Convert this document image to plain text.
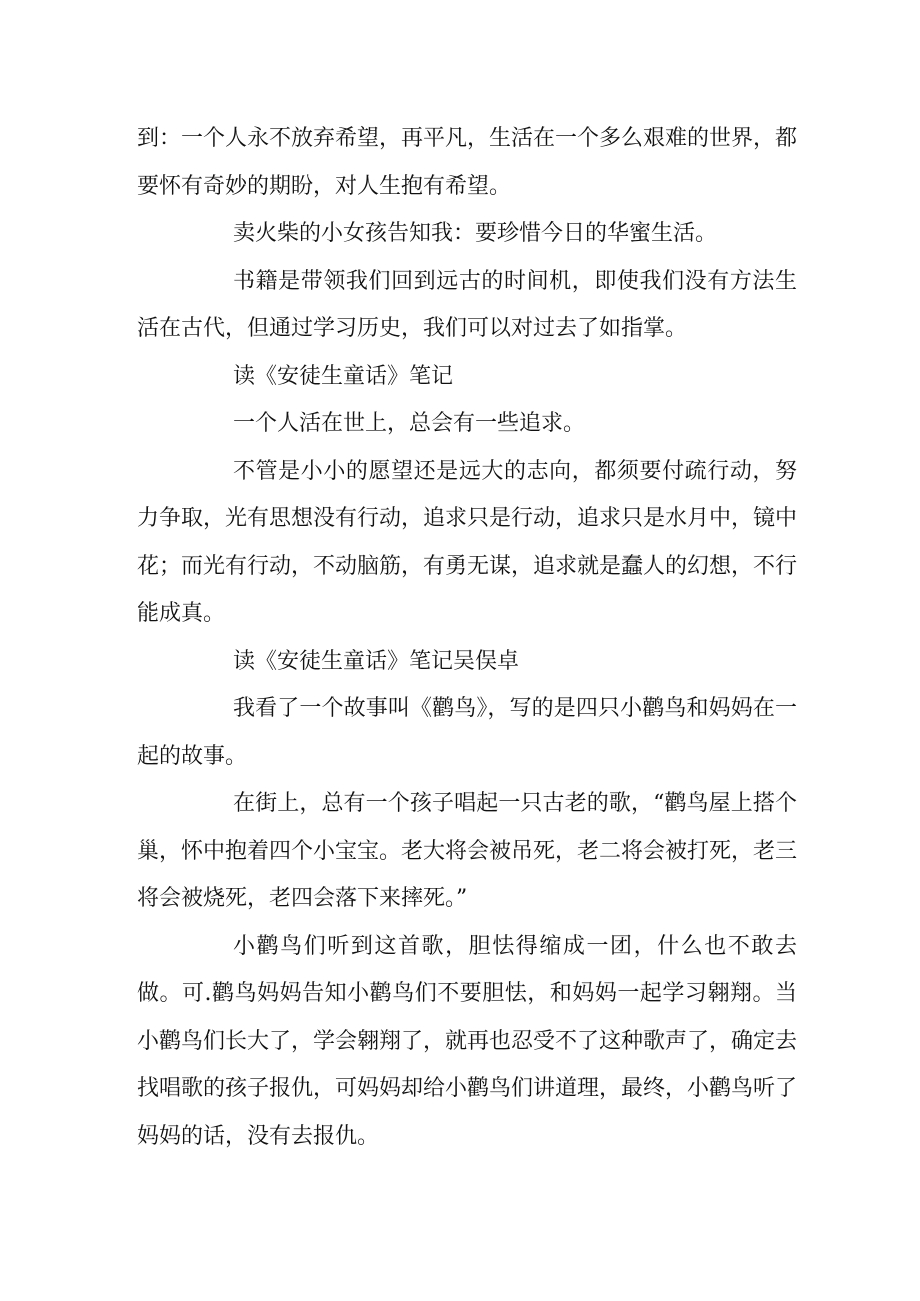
到：一个人永不放弃希望，再平凡，生活在一个多么艰难的世界，都要怀有奇妙的期盼，对人生抱有希望。

卖火柴的小女孩告知我：要珍惜今日的华蜜生活。

书籍是带领我们回到远古的时间机，即使我们没有方法生活在古代，但通过学习历史，我们可以对过去了如指掌。

读《安徒生童话》笔记

一个人活在世上，总会有一些追求。

不管是小小的愿望还是远大的志向，都须要付疏行动，努力争取，光有思想没有行动，追求只是行动，追求只是水月中，镜中花；而光有行动，不动脑筋，有勇无谋，追求就是蠢人的幻想，不行能成真。

读《安徒生童话》笔记吴俣卓

我看了一个故事叫《鹳鸟》，写的是四只小鹳鸟和妈妈在一起的故事。

在街上，总有一个孩子唱起一只古老的歌，“鹳鸟屋上搭个巢，怀中抱着四个小宝宝。老大将会被吊死，老二将会被打死，老三将会被烧死，老四会落下来摔死。”

小鹳鸟们听到这首歌，胆怯得缩成一团，什么也不敢去做。可.鹳鸟妈妈告知小鹳鸟们不要胆怯，和妈妈一起学习翱翔。当小鹳鸟们长大了，学会翱翔了，就再也忍受不了这种歌声了，确定去找唱歌的孩子报仇，可妈妈却给小鹳鸟们讲道理，最终，小鹳鸟听了妈妈的话，没有去报仇。
